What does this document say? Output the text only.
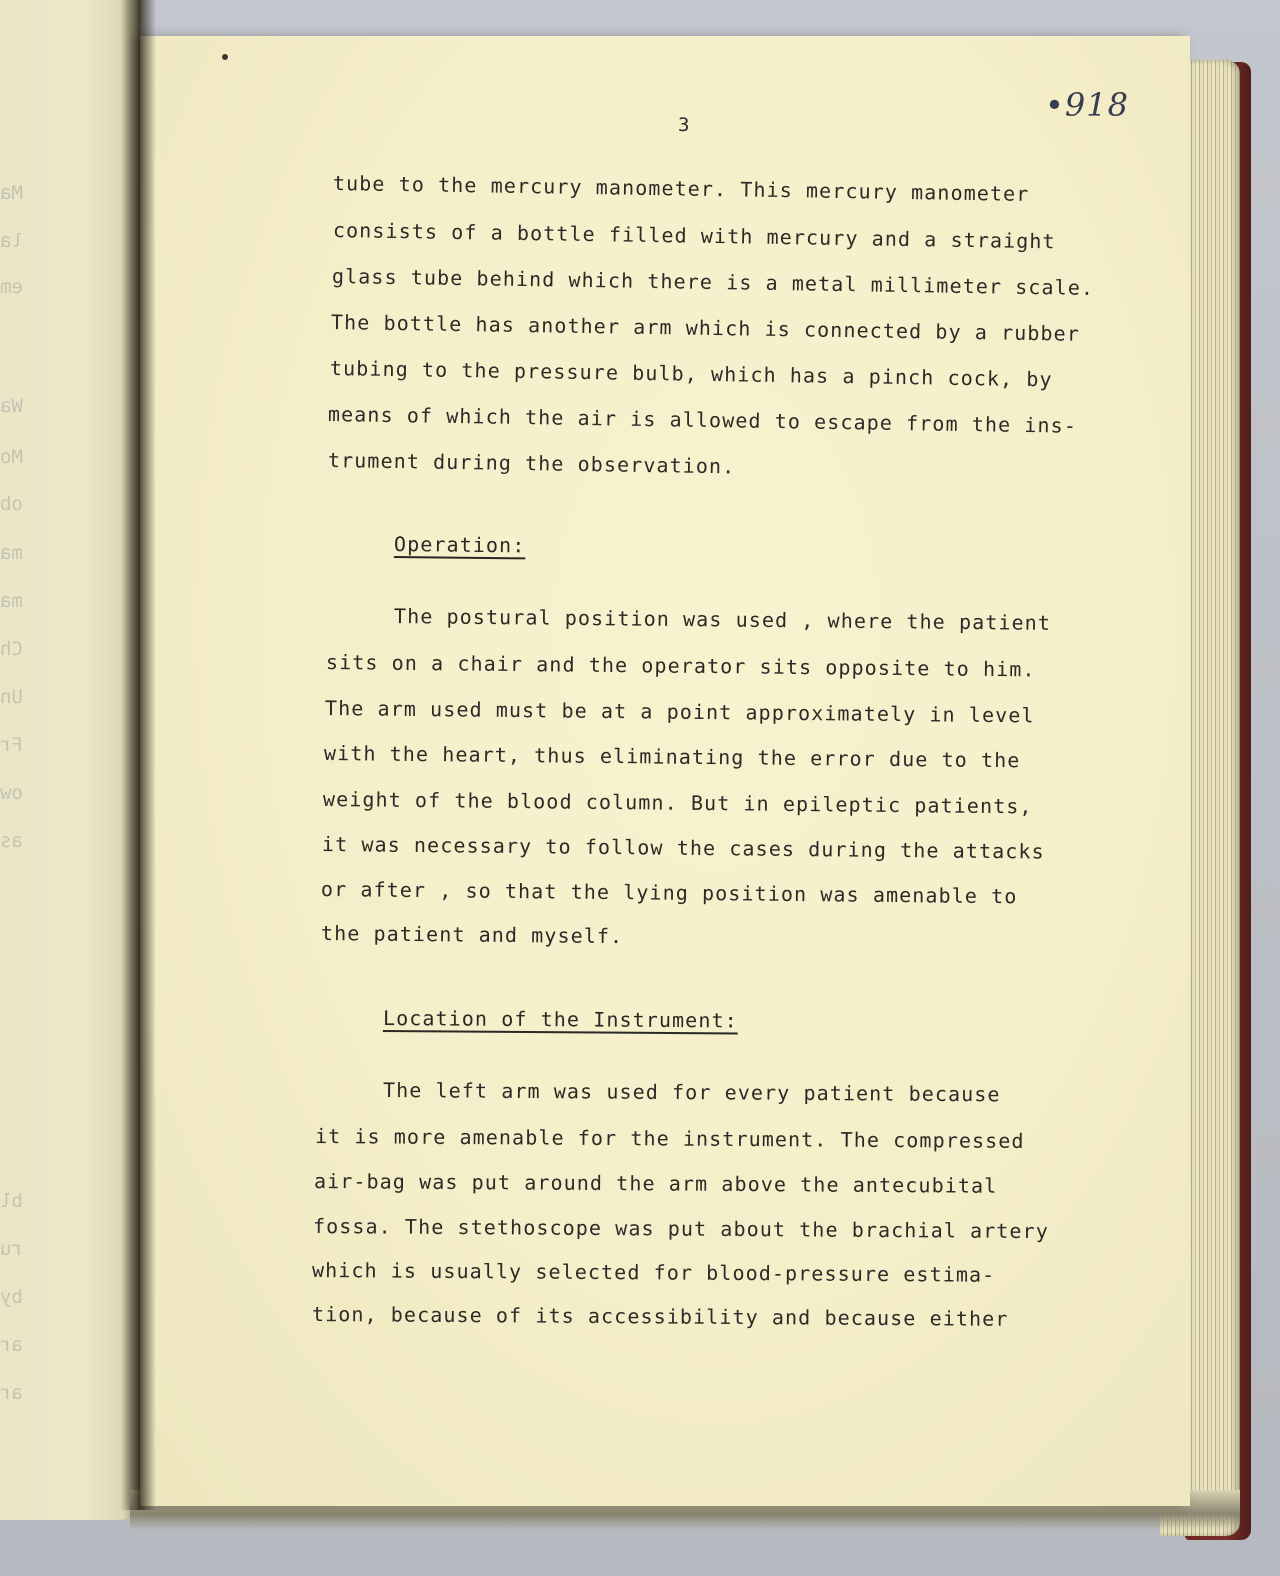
Ma
la
em
Wa
Mo
ob
ma
ma
Ch
Un
Fr
ow
as
bl
ru
by
ar
ar
3
•918
tube to the mercury manometer. This mercury manometer
consists of a bottle filled with mercury and a straight
glass tube behind which there is a metal millimeter scale.
The bottle has another arm which is connected by a rubber
tubing to the pressure bulb, which has a pinch cock, by
means of which the air is allowed to escape from the ins-
trument during the observation.
Operation:
The postural position was used , where the patient
sits on a chair and the operator sits opposite to him.
The arm used must be at a point approximately in level
with the heart, thus eliminating the error due to the
weight of the blood column. But in epileptic patients,
it was necessary to follow the cases during the attacks
or after , so that the lying position was amenable to
the patient and myself.
Location of the Instrument:
The left arm was used for every patient because
it is more amenable for the instrument. The compressed
air-bag was put around the arm above the antecubital
fossa. The stethoscope was put about the brachial artery
which is usually selected for blood-pressure estima-
tion, because of its accessibility and because either
